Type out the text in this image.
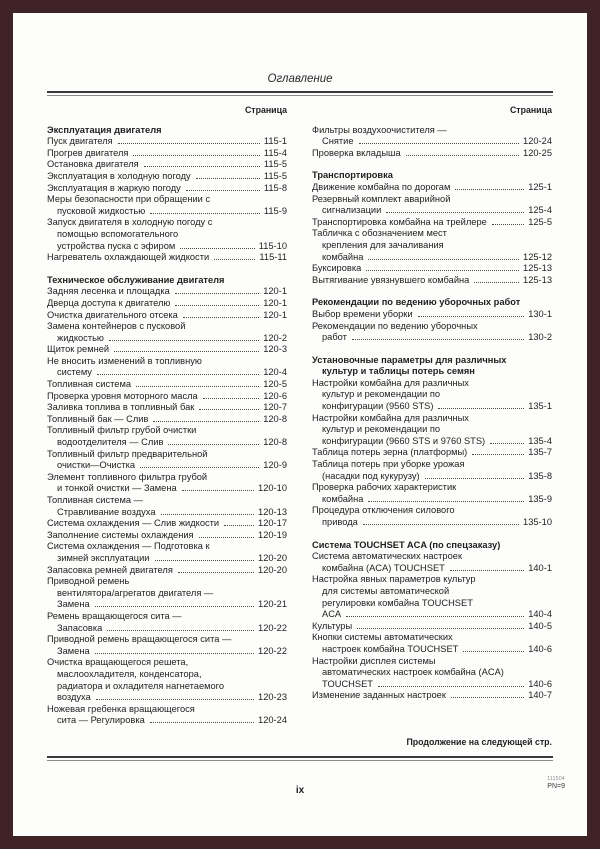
Оглавление
Страница
Эксплуатация двигателя
Пуск двигателя	115-1
Прогрев двигателя	115-4
Остановка двигателя	115-5
Эксплуатация в холодную погоду	115-5
Эксплуатация в жаркую погоду	115-8
Меры безопасности при обращении с
пусковой жидкостью	115-9
Запуск двигателя в холодную погоду с
помощью вспомогательного
устройства пуска с эфиром	115-10
Нагреватель охлаждающей жидкости	115-11
Техническое обслуживание двигателя
Задняя лесенка и площадка	120-1
Дверца доступа к двигателю	120-1
Очистка двигательного отсека	120-1
Замена контейнеров с пусковой
жидкостью	120-2
Щиток ремней	120-3
Не вносить изменений в топливную
систему	120-4
Топливная система	120-5
Проверка уровня моторного масла	120-6
Заливка топлива в топливный бак	120-7
Топливный бак — Слив	120-8
Топливный фильтр грубой очистки
водоотделителя — Слив	120-8
Топливный фильтр предварительной
очистки—Очистка	120-9
Элемент топливного фильтра грубой
и тонкой очистки — Замена	120-10
Топливная система —
Стравливание воздуха	120-13
Система охлаждения — Слив жидкости	120-17
Заполнение системы охлаждения	120-19
Система охлаждения — Подготовка к
зимней эксплуатации	120-20
Запасовка ремней двигателя	120-20
Приводной ремень
вентилятора/агрегатов двигателя —
Замена	120-21
Ремень вращающегося сита —
Запасовка	120-22
Приводной ремень вращающегося сита —
Замена	120-22
Очистка вращающегося решета,
маслоохладителя, конденсатора,
радиатора и охладителя нагнетаемого
воздуха	120-23
Ножевая гребенка вращающегося
сита — Регулировка	120-24
Страница
Фильтры воздухоочистителя —
Снятие	120-24
Проверка вкладыша	120-25
Транспортировка
Движение комбайна по дорогам	125-1
Резервный комплект аварийной
сигнализации	125-4
Транспортировка комбайна на трейлере	125-5
Табличка с обозначением мест
крепления для зачаливания
комбайна	125-12
Буксировка	125-13
Вытягивание увязнувшего комбайна	125-13
Рекомендации по ведению уборочных работ
Выбор времени уборки	130-1
Рекомендации по ведению уборочных
работ	130-2
Установочные параметры для различных
культур и таблицы потерь семян
Настройки комбайна для различных
культур и рекомендации по
конфигурации (9560 STS)	135-1
Настройки комбайна для различных
культур и рекомендации по
конфигурации (9660 STS и 9760 STS)	135-4
Таблица потерь зерна (платформы)	135-7
Таблица потерь при уборке урожая
(насадки под кукурузу)	135-8
Проверка рабочих характеристик
комбайна	135-9
Процедура отключения силового
привода	135-10
Система TOUCHSET ACA (по спецзаказу)
Система автоматических настроек
комбайна (ACA) TOUCHSET	140-1
Настройка явных параметров культур
для системы автоматической
регулировки комбайна TOUCHSET
ACA	140-4
Культуры	140-5
Кнопки системы автоматических
настроек комбайна TOUCHSET	140-6
Настройки дисплея системы
автоматических настроек комбайна (ACA)
TOUCHSET	140-6
Изменение заданных настроек	140-7
Продолжение на следующей стр.
ix
111504
PN=9
